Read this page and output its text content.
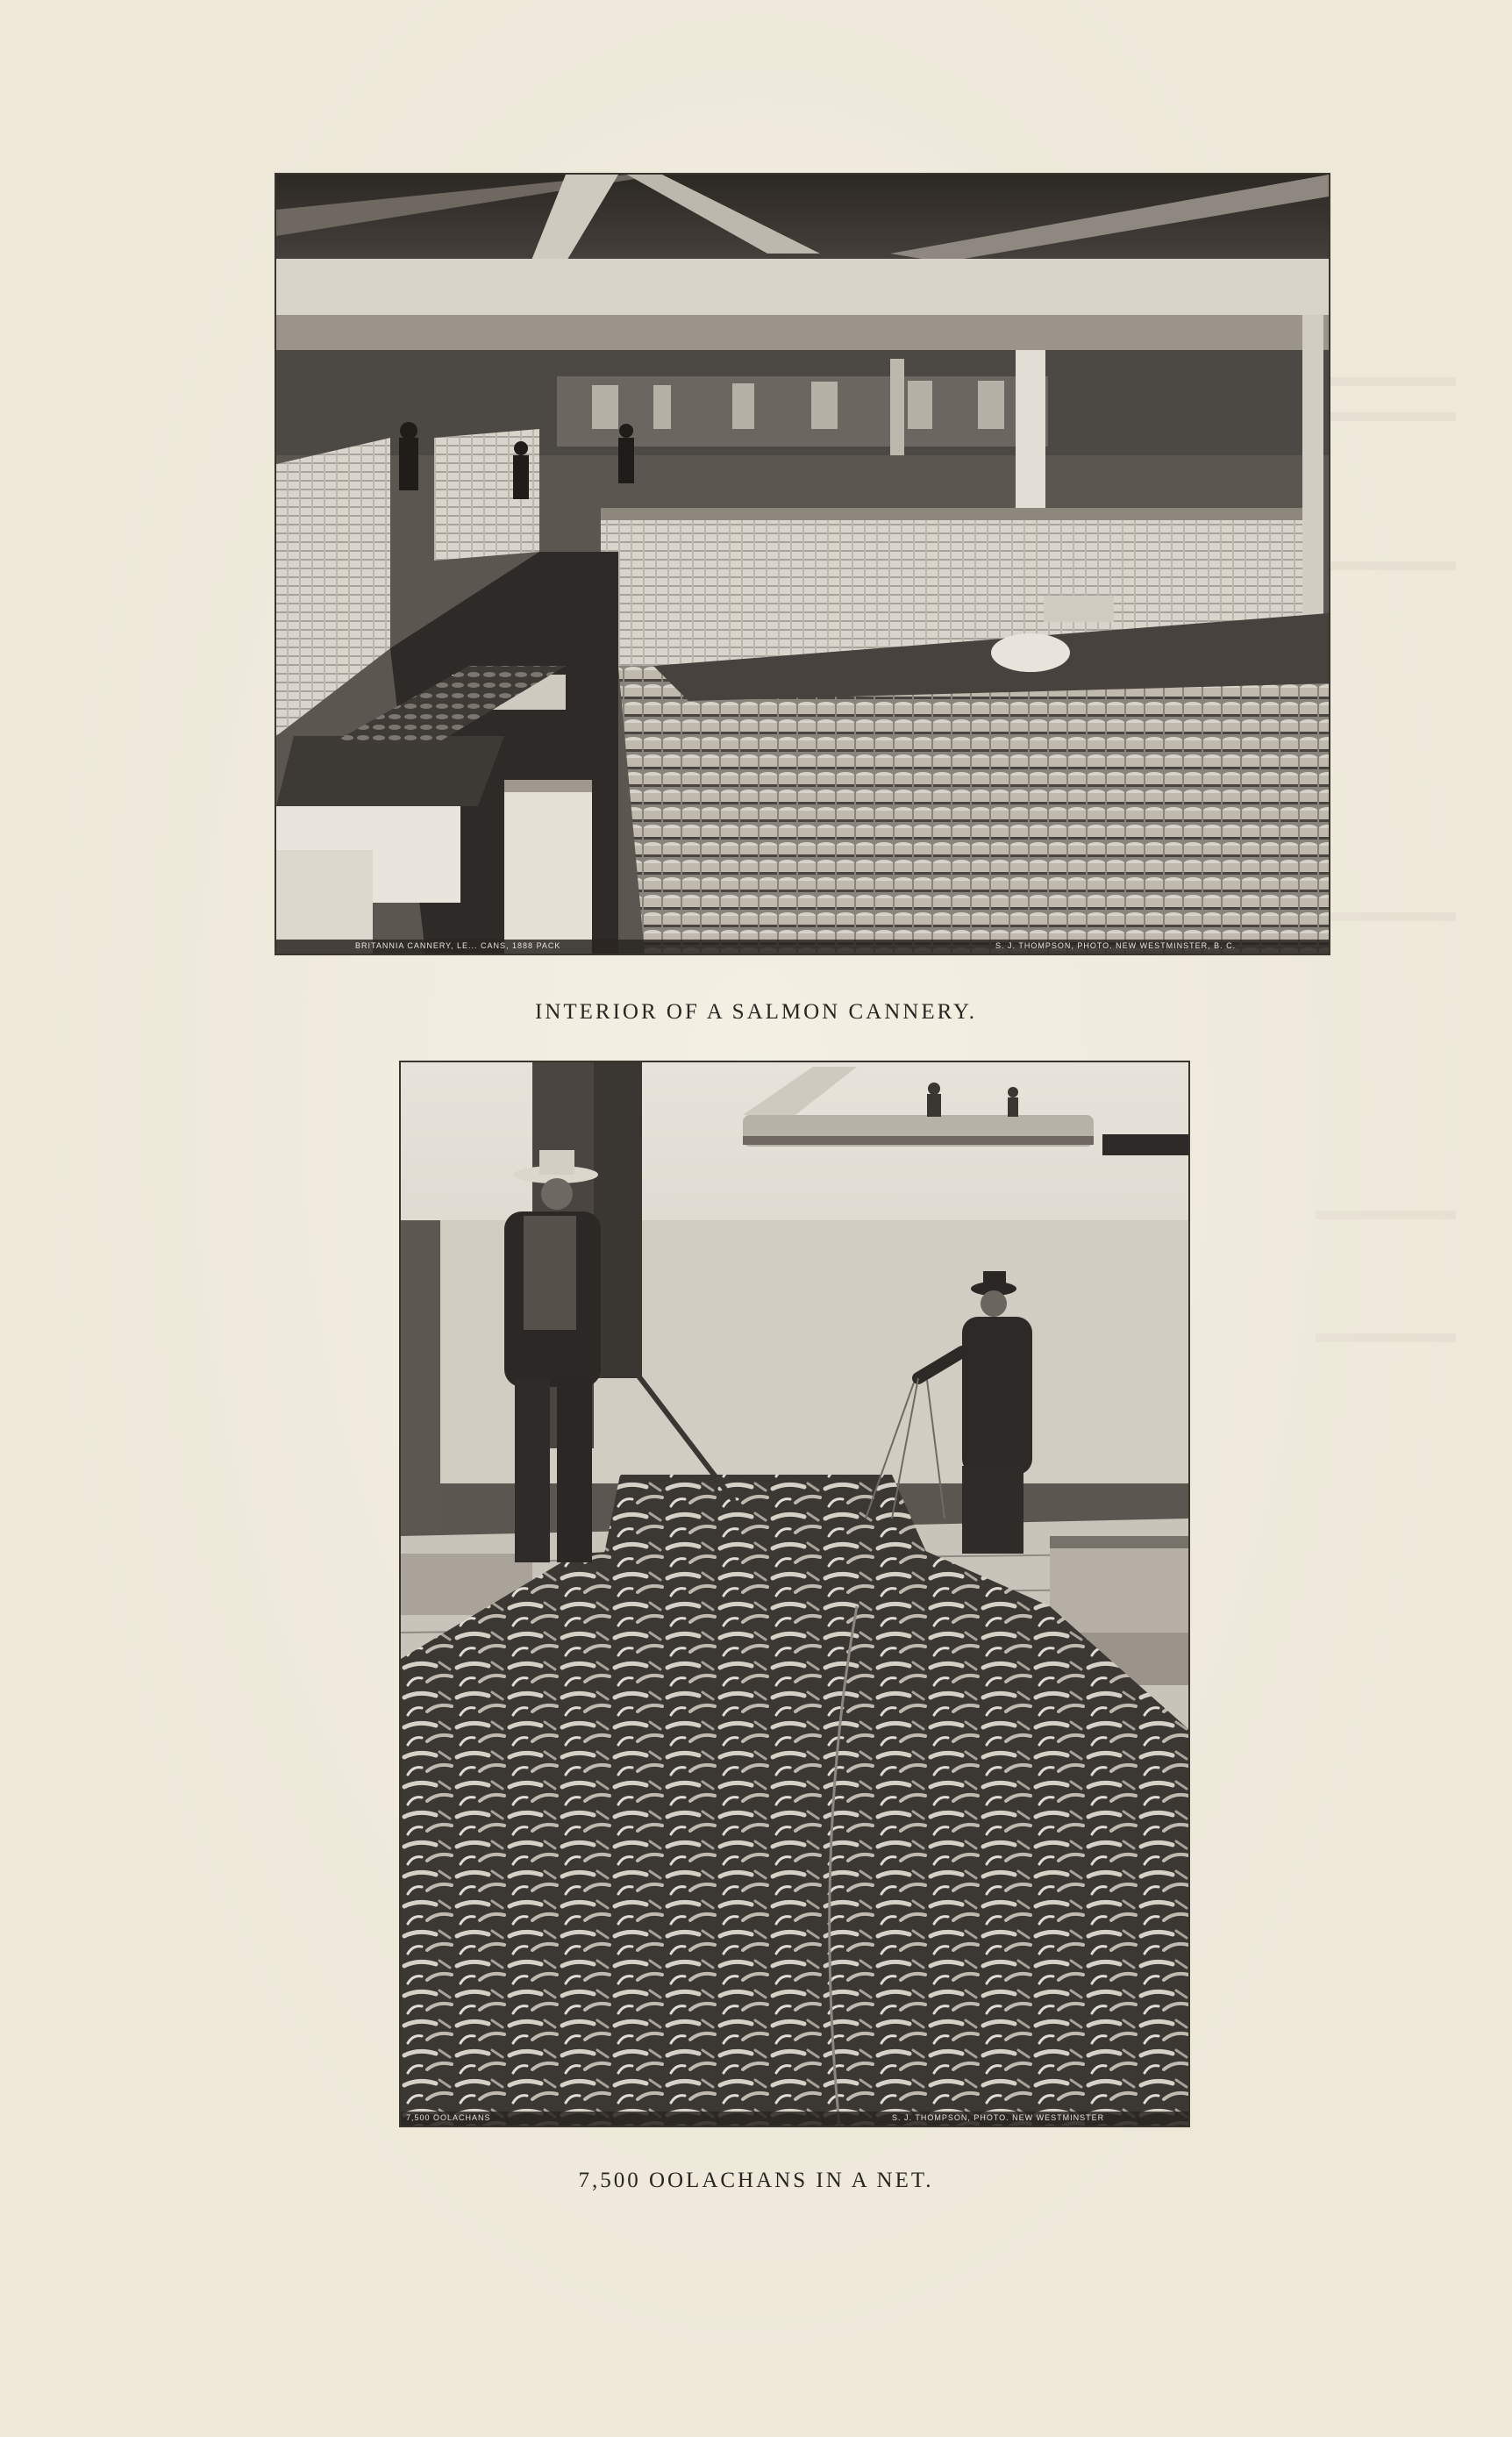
BRITANNIA CANNERY, LE... CANS, 1888 PACK	S. J. THOMPSON, PHOTO. NEW WESTMINSTER, B. C.
INTERIOR OF A SALMON CANNERY.
7,500 OOLACHANS	S. J. THOMPSON, PHOTO. NEW WESTMINSTER
7,500 OOLACHANS IN A NET.
